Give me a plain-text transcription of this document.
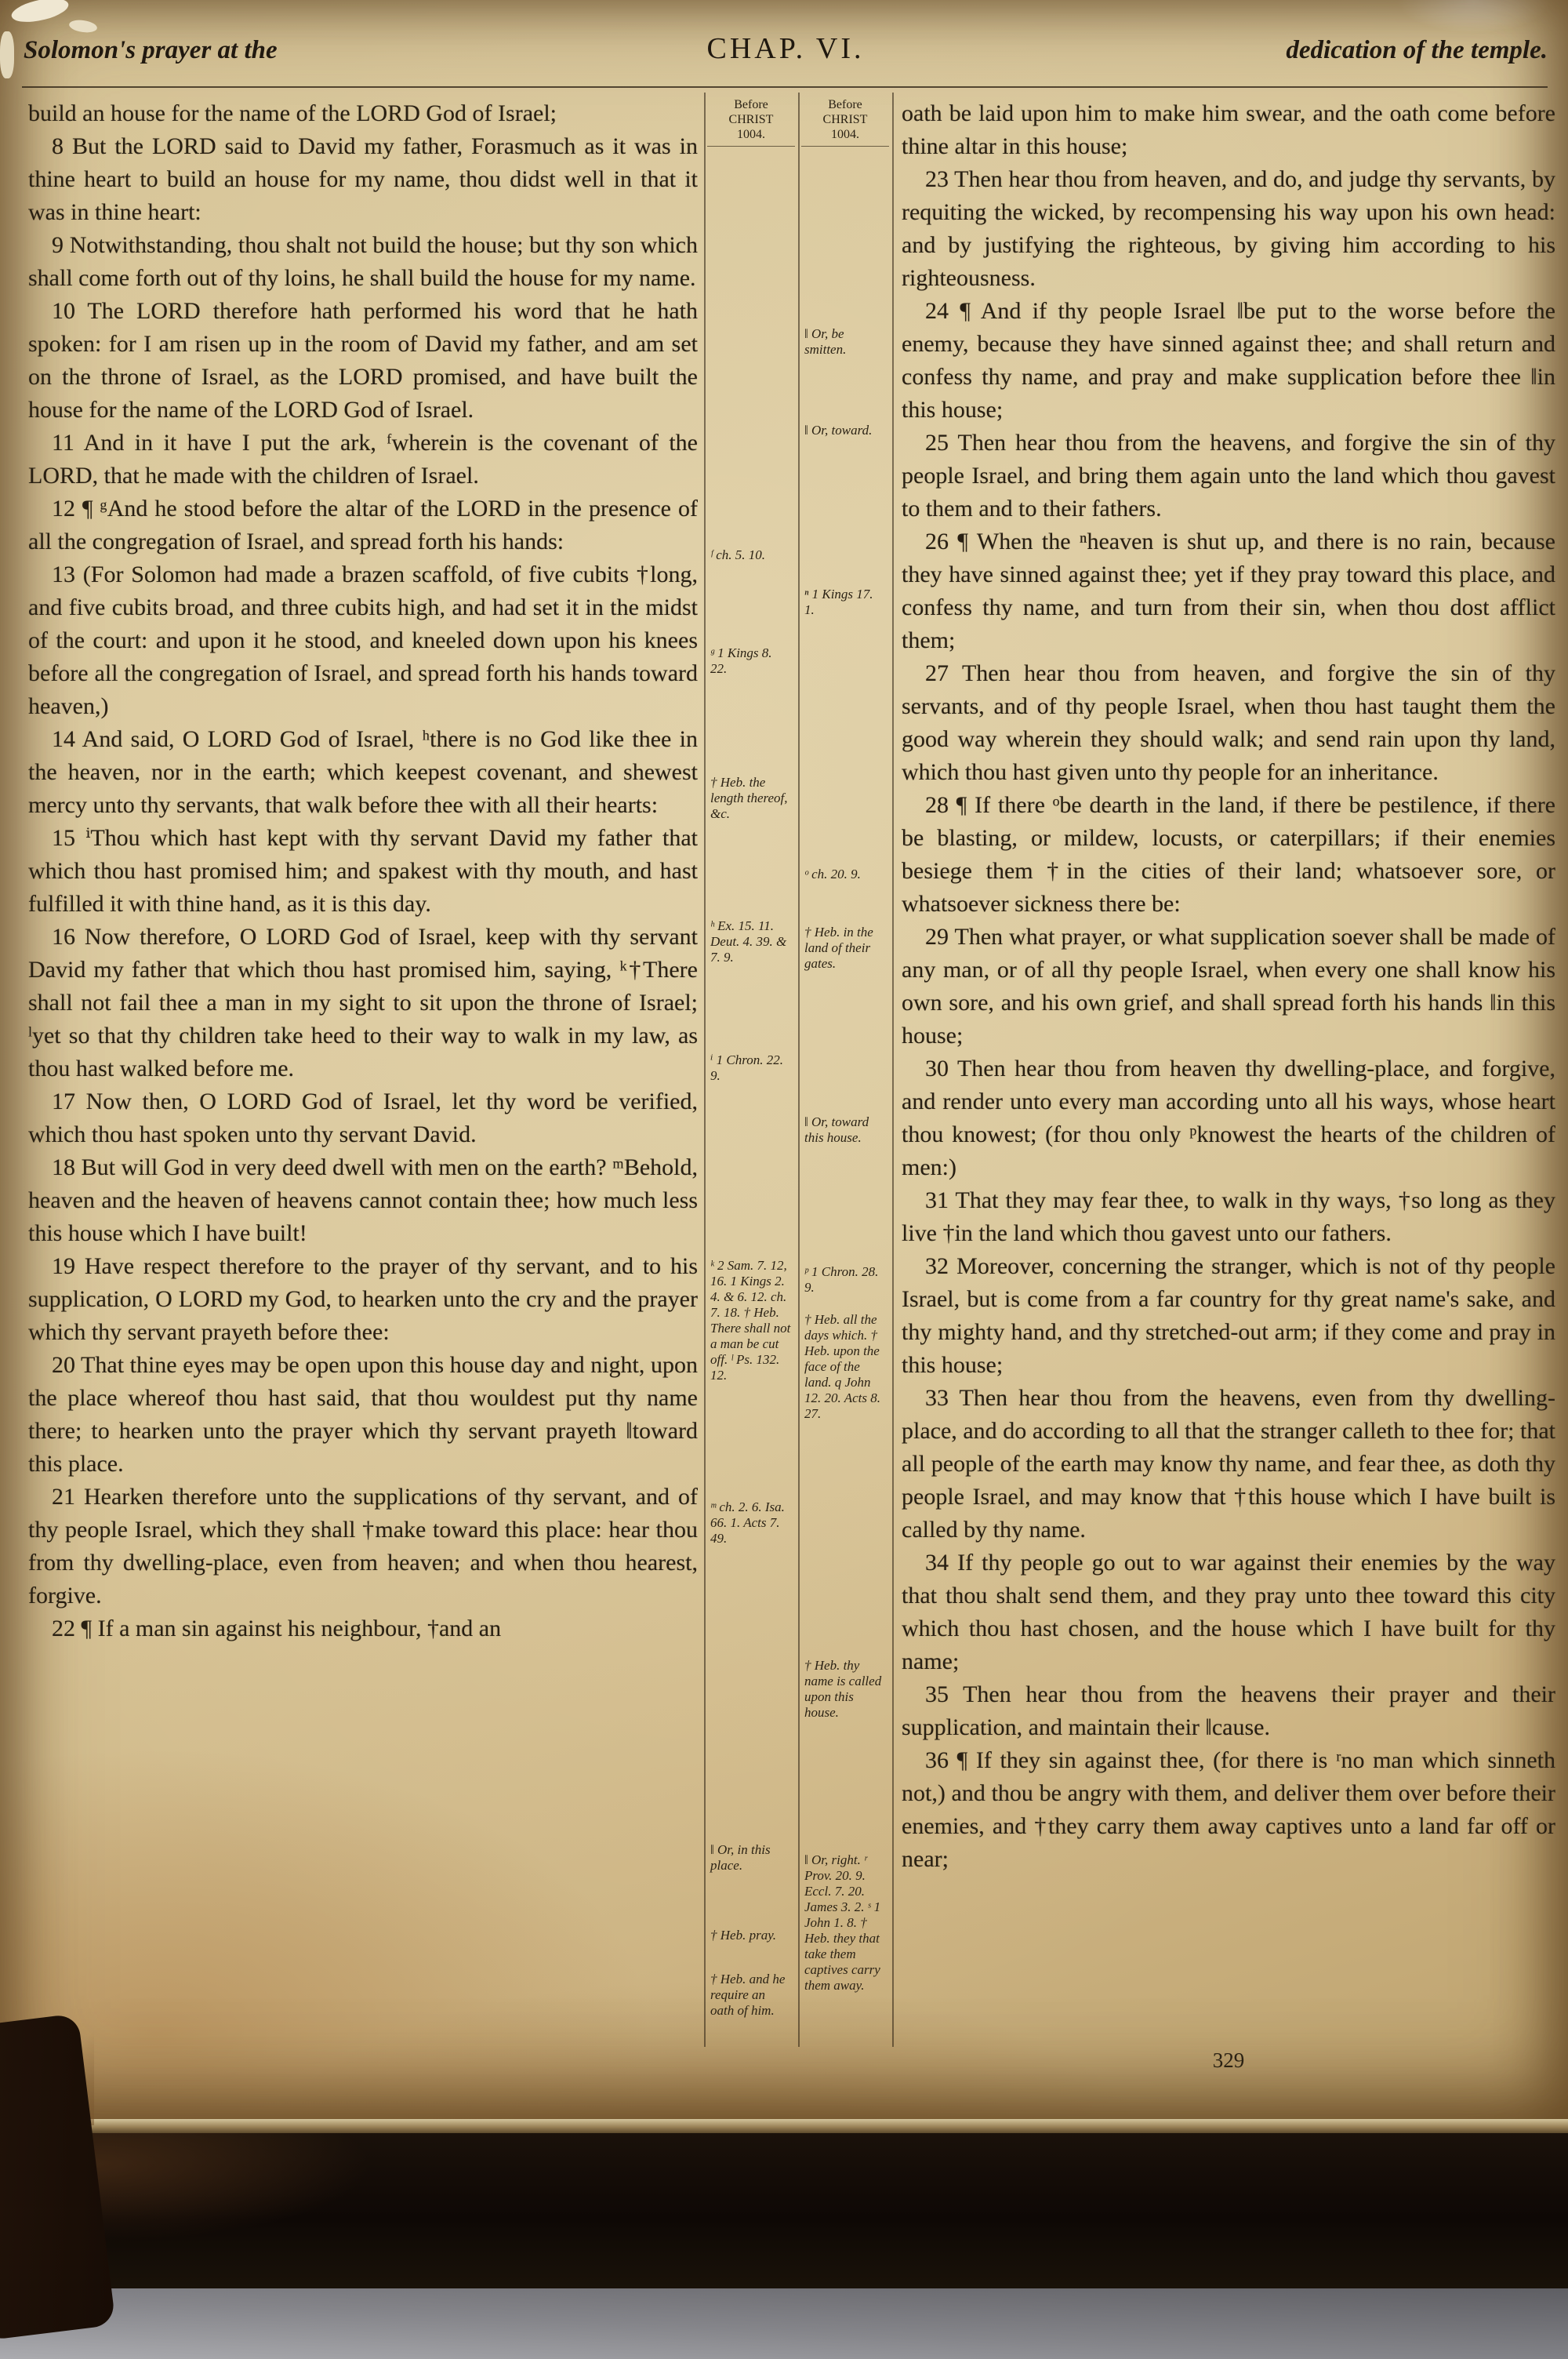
Solomon's prayer at the	CHAP. VI.	dedication of the temple.

build an house for the name of the LORD God of Israel;

8 But the LORD said to David my father, Forasmuch as it was in thine heart to build an house for my name, thou didst well in that it was in thine heart:

9 Notwithstanding, thou shalt not build the house; but thy son which shall come forth out of thy loins, he shall build the house for my name.

10 The LORD therefore hath performed his word that he hath spoken: for I am risen up in the room of David my father, and am set on the throne of Israel, as the LORD promised, and have built the house for the name of the LORD God of Israel.

11 And in it have I put the ark, ᶠwherein is the covenant of the LORD, that he made with the children of Israel.

12 ¶ ᵍAnd he stood before the altar of the LORD in the presence of all the congregation of Israel, and spread forth his hands:

13 (For Solomon had made a brazen scaffold, of five cubits †long, and five cubits broad, and three cubits high, and had set it in the midst of the court: and upon it he stood, and kneeled down upon his knees before all the congregation of Israel, and spread forth his hands toward heaven,)

14 And said, O LORD God of Israel, ʰthere is no God like thee in the heaven, nor in the earth; which keepest covenant, and shewest mercy unto thy servants, that walk before thee with all their hearts:

15 ⁱThou which hast kept with thy servant David my father that which thou hast promised him; and spakest with thy mouth, and hast fulfilled it with thine hand, as it is this day.

16 Now therefore, O LORD God of Israel, keep with thy servant David my father that which thou hast promised him, saying, ᵏ†There shall not fail thee a man in my sight to sit upon the throne of Israel; ˡyet so that thy children take heed to their way to walk in my law, as thou hast walked before me.

17 Now then, O LORD God of Israel, let thy word be verified, which thou hast spoken unto thy servant David.

18 But will God in very deed dwell with men on the earth? ᵐBehold, heaven and the heaven of heavens cannot contain thee; how much less this house which I have built!

19 Have respect therefore to the prayer of thy servant, and to his supplication, O LORD my God, to hearken unto the cry and the prayer which thy servant prayeth before thee:

20 That thine eyes may be open upon this house day and night, upon the place whereof thou hast said, that thou wouldest put thy name there; to hearken unto the prayer which thy servant prayeth ‖toward this place.

21 Hearken therefore unto the supplications of thy servant, and of thy people Israel, which they shall †make toward this place: hear thou from thy dwelling-place, even from heaven; and when thou hearest, forgive.

22 ¶ If a man sin against his neighbour, †and an

Before
CHRIST
1004.
ᶠ ch. 5. 10.
ᵍ 1 Kings 8. 22.
† Heb. the length thereof, &c.
ʰ Ex. 15. 11. Deut. 4. 39. & 7. 9.
ⁱ 1 Chron. 22. 9.
ᵏ 2 Sam. 7. 12, 16. 1 Kings 2. 4. & 6. 12. ch. 7. 18. † Heb. There shall not a man be cut off. ˡ Ps. 132. 12.
ᵐ ch. 2. 6. Isa. 66. 1. Acts 7. 49.
‖ Or, in this place.
† Heb. pray.
† Heb. and he require an oath of him.
Before
CHRIST
1004.
‖ Or, be smitten.
‖ Or, toward.
ⁿ 1 Kings 17. 1.
ᵒ ch. 20. 9.
† Heb. in the land of their gates.
‖ Or, toward this house.
ᵖ 1 Chron. 28. 9.
† Heb. all the days which. † Heb. upon the face of the land. q John 12. 20. Acts 8. 27.
† Heb. thy name is called upon this house.
‖ Or, right. ʳ Prov. 20. 9. Eccl. 7. 20. James 3. 2. ˢ 1 John 1. 8. † Heb. they that take them captives carry them away.

oath be laid upon him to make him swear, and the oath come before thine altar in this house;

23 Then hear thou from heaven, and do, and judge thy servants, by requiting the wicked, by recompensing his way upon his own head: and by justifying the righteous, by giving him according to his righteousness.

24 ¶ And if thy people Israel ‖be put to the worse before the enemy, because they have sinned against thee; and shall return and confess thy name, and pray and make supplication before thee ‖in this house;

25 Then hear thou from the heavens, and forgive the sin of thy people Israel, and bring them again unto the land which thou gavest to them and to their fathers.

26 ¶ When the ⁿheaven is shut up, and there is no rain, because they have sinned against thee; yet if they pray toward this place, and confess thy name, and turn from their sin, when thou dost afflict them;

27 Then hear thou from heaven, and forgive the sin of thy servants, and of thy people Israel, when thou hast taught them the good way wherein they should walk; and send rain upon thy land, which thou hast given unto thy people for an inheritance.

28 ¶ If there ᵒbe dearth in the land, if there be pestilence, if there be blasting, or mildew, locusts, or caterpillars; if their enemies besiege them †in the cities of their land; whatsoever sore, or whatsoever sickness there be:

29 Then what prayer, or what supplication soever shall be made of any man, or of all thy people Israel, when every one shall know his own sore, and his own grief, and shall spread forth his hands ‖in this house;

30 Then hear thou from heaven thy dwelling-place, and forgive, and render unto every man according unto all his ways, whose heart thou knowest; (for thou only ᵖknowest the hearts of the children of men:)

31 That they may fear thee, to walk in thy ways, †so long as they live †in the land which thou gavest unto our fathers.

32 Moreover, concerning the stranger, which is not of thy people Israel, but is come from a far country for thy great name's sake, and thy mighty hand, and thy stretched-out arm; if they come and pray in this house;

33 Then hear thou from the heavens, even from thy dwelling-place, and do according to all that the stranger calleth to thee for; that all people of the earth may know thy name, and fear thee, as doth thy people Israel, and may know that †this house which I have built is called by thy name.

34 If thy people go out to war against their enemies by the way that thou shalt send them, and they pray unto thee toward this city which thou hast chosen, and the house which I have built for thy name;

35 Then hear thou from the heavens their prayer and their supplication, and maintain their ‖cause.

36 ¶ If they sin against thee, (for there is ʳno man which sinneth not,) and thou be angry with them, and deliver them over before their enemies, and †they carry them away captives unto a land far off or near;

329
